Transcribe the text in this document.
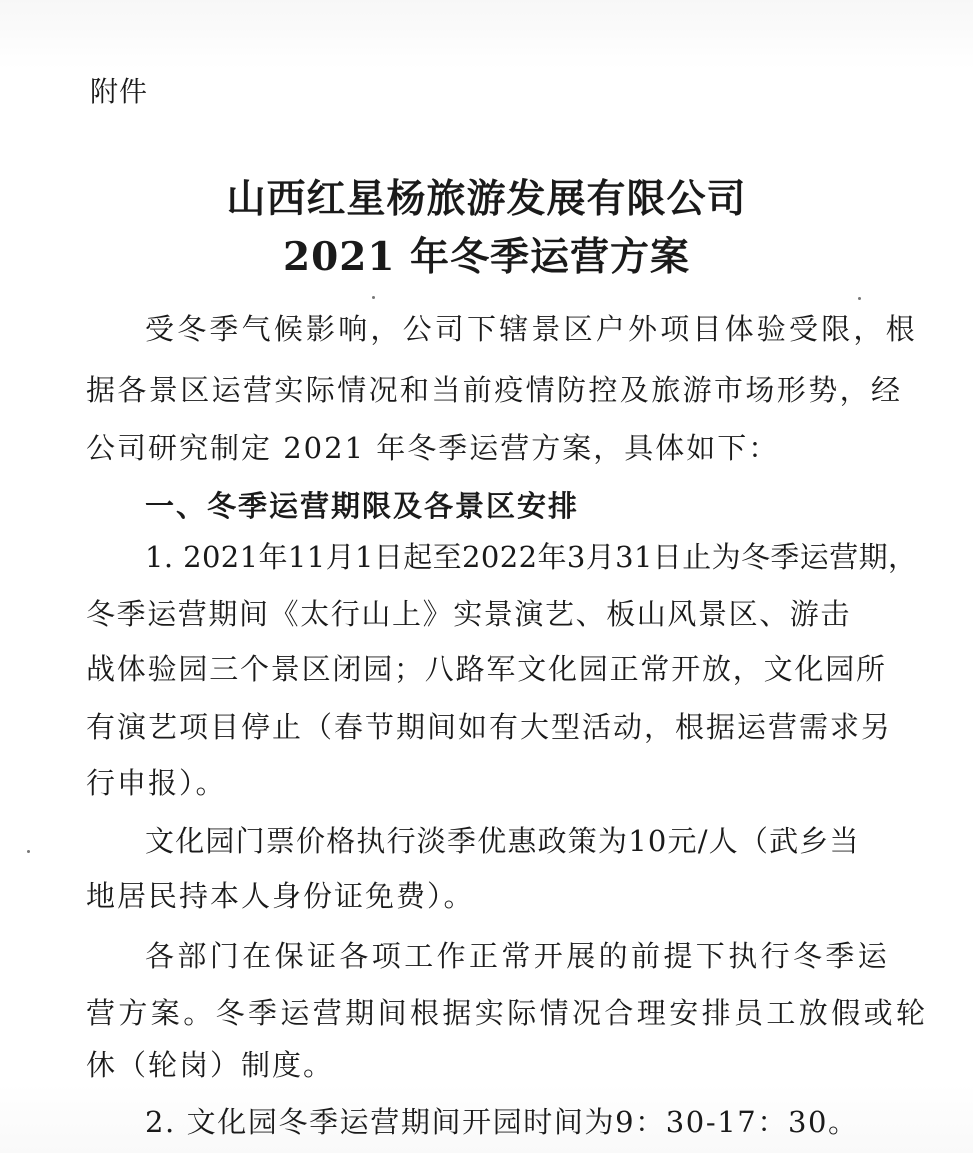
附件
山西红星杨旅游发展有限公司
2021 年冬季运营方案
受冬季气候影响，公司下辖景区户外项目体验受限，根
据各景区运营实际情况和当前疫情防控及旅游市场形势，经
公司研究制定 2021 年冬季运营方案，具体如下：
一、冬季运营期限及各景区安排
1. 2021年11月1日起至2022年3月31日止为冬季运营期，
冬季运营期间《太行山上》实景演艺、板山风景区、游击
战体验园三个景区闭园；八路军文化园正常开放，文化园所
有演艺项目停止（春节期间如有大型活动，根据运营需求另
行申报）。
文化园门票价格执行淡季优惠政策为10元/人（武乡当
地居民持本人身份证免费）。
各部门在保证各项工作正常开展的前提下执行冬季运
营方案。冬季运营期间根据实际情况合理安排员工放假或轮
休（轮岗）制度。
2. 文化园冬季运营期间开园时间为9：30-17：30。
